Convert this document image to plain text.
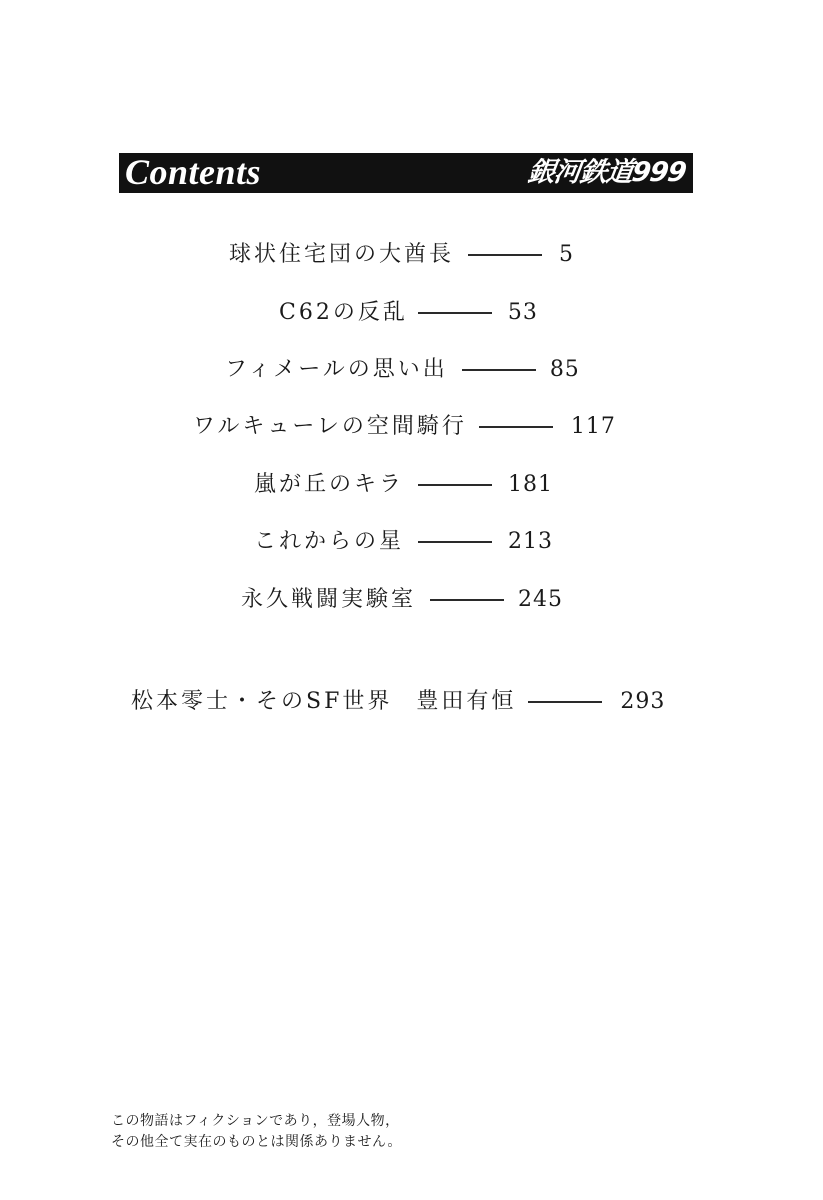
Contents	銀河鉄道999
球状住宅団の大酋長	5
C62の反乱	53
フィメールの思い出	85
ワルキューレの空間騎行	117
嵐が丘のキラ	181
これからの星	213
永久戦闘実験室	245
松本零士・そのSF世界 豊田有恒	293
この物語はフィクションであり，登場人物，
その他全て実在のものとは関係ありません。
